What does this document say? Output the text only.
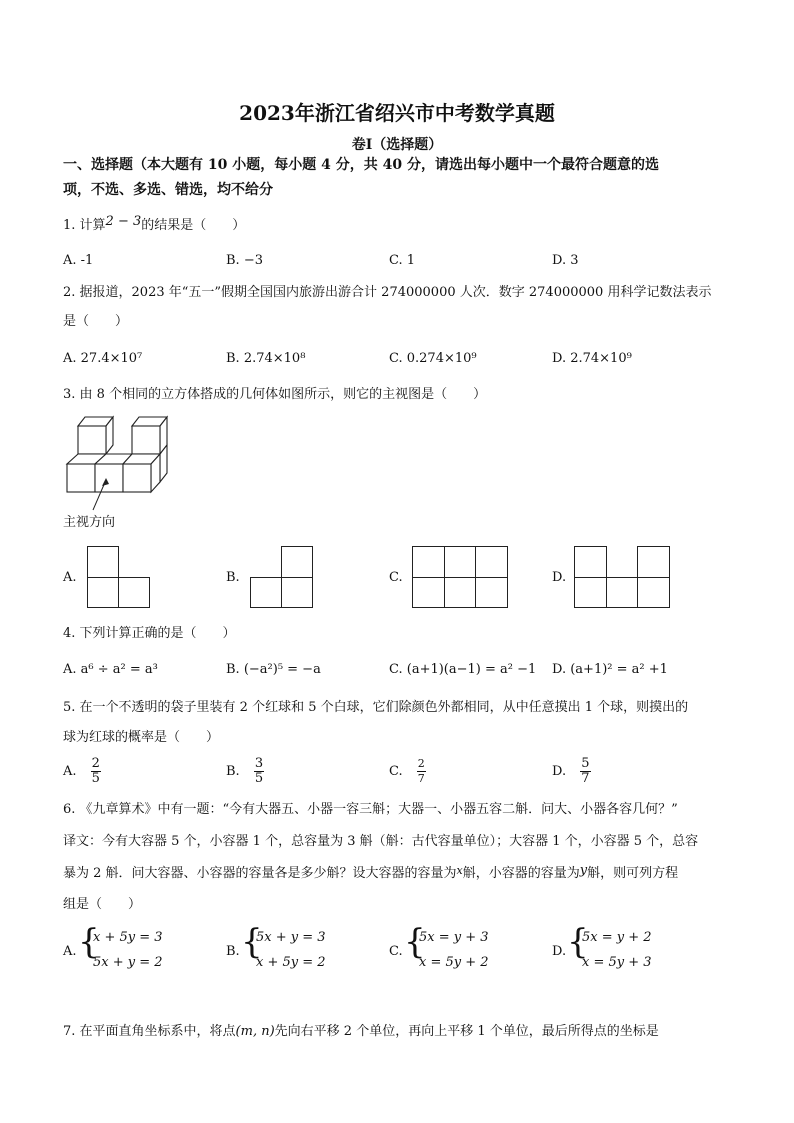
2023年浙江省绍兴市中考数学真题
卷Ⅰ（选择题）
一、选择题（本大题有 10 小题，每小题 4 分，共 40 分，请选出每小题中一个最符合题意的选
项，不选、多选、错选，均不给分
1. 计算2 − 3的结果是（　　）
A. -1	B. −3	C. 1	D. 3
2. 据报道，2023 年“五一”假期全国国内旅游出游合计 274000000 人次．数字 274000000 用科学记数法表示
是（　　）
A. 27.4×10⁷	B. 2.74×10⁸	C. 0.274×10⁹	D. 2.74×10⁹
3. 由 8 个相同的立方体搭成的几何体如图所示，则它的主视图是（　　）
主视方向
A.	B.	C.	D.
4. 下列计算正确的是（　　）
A. a⁶ ÷ a² = a³	B. (−a²)⁵ = −a	C. (a+1)(a−1) = a² −1 D. (a+1)² = a² +1
5. 在一个不透明的袋子里装有 2 个红球和 5 个白球，它们除颜色外都相同，从中任意摸出 1 个球，则摸出的
球为红球的概率是（　　）
A. $\frac{2}{5}$	B. $\frac{3}{5}$	C. $\frac{2}{7}$	D. $\frac{5}{7}$
6. 《九章算术》中有一题：“今有大器五、小器一容三斛；大器一、小器五容二斛．问大、小器各容几何？”
译文：今有大容器 5 个，小容器 1 个，总容量为 3 斛（斛：古代容量单位）；大容器 1 个，小容器 5 个，总容
暴为 2 斛．问大容器、小容器的容量各是多少斛？设大容器的容量为$^x$斛，小容器的容量为y斛，则可列方程
组是（　　）
A. {
x + 5y = 3
5x + y = 2
B. {
5x + y = 3
x + 5y = 2
C. {
5x = y + 3
x = 5y + 2
D. {
5x = y + 2
x = 5y + 3
7. 在平面直角坐标系中，将点(m, n)先向右平移 2 个单位，再向上平移 1 个单位，最后所得点的坐标是
